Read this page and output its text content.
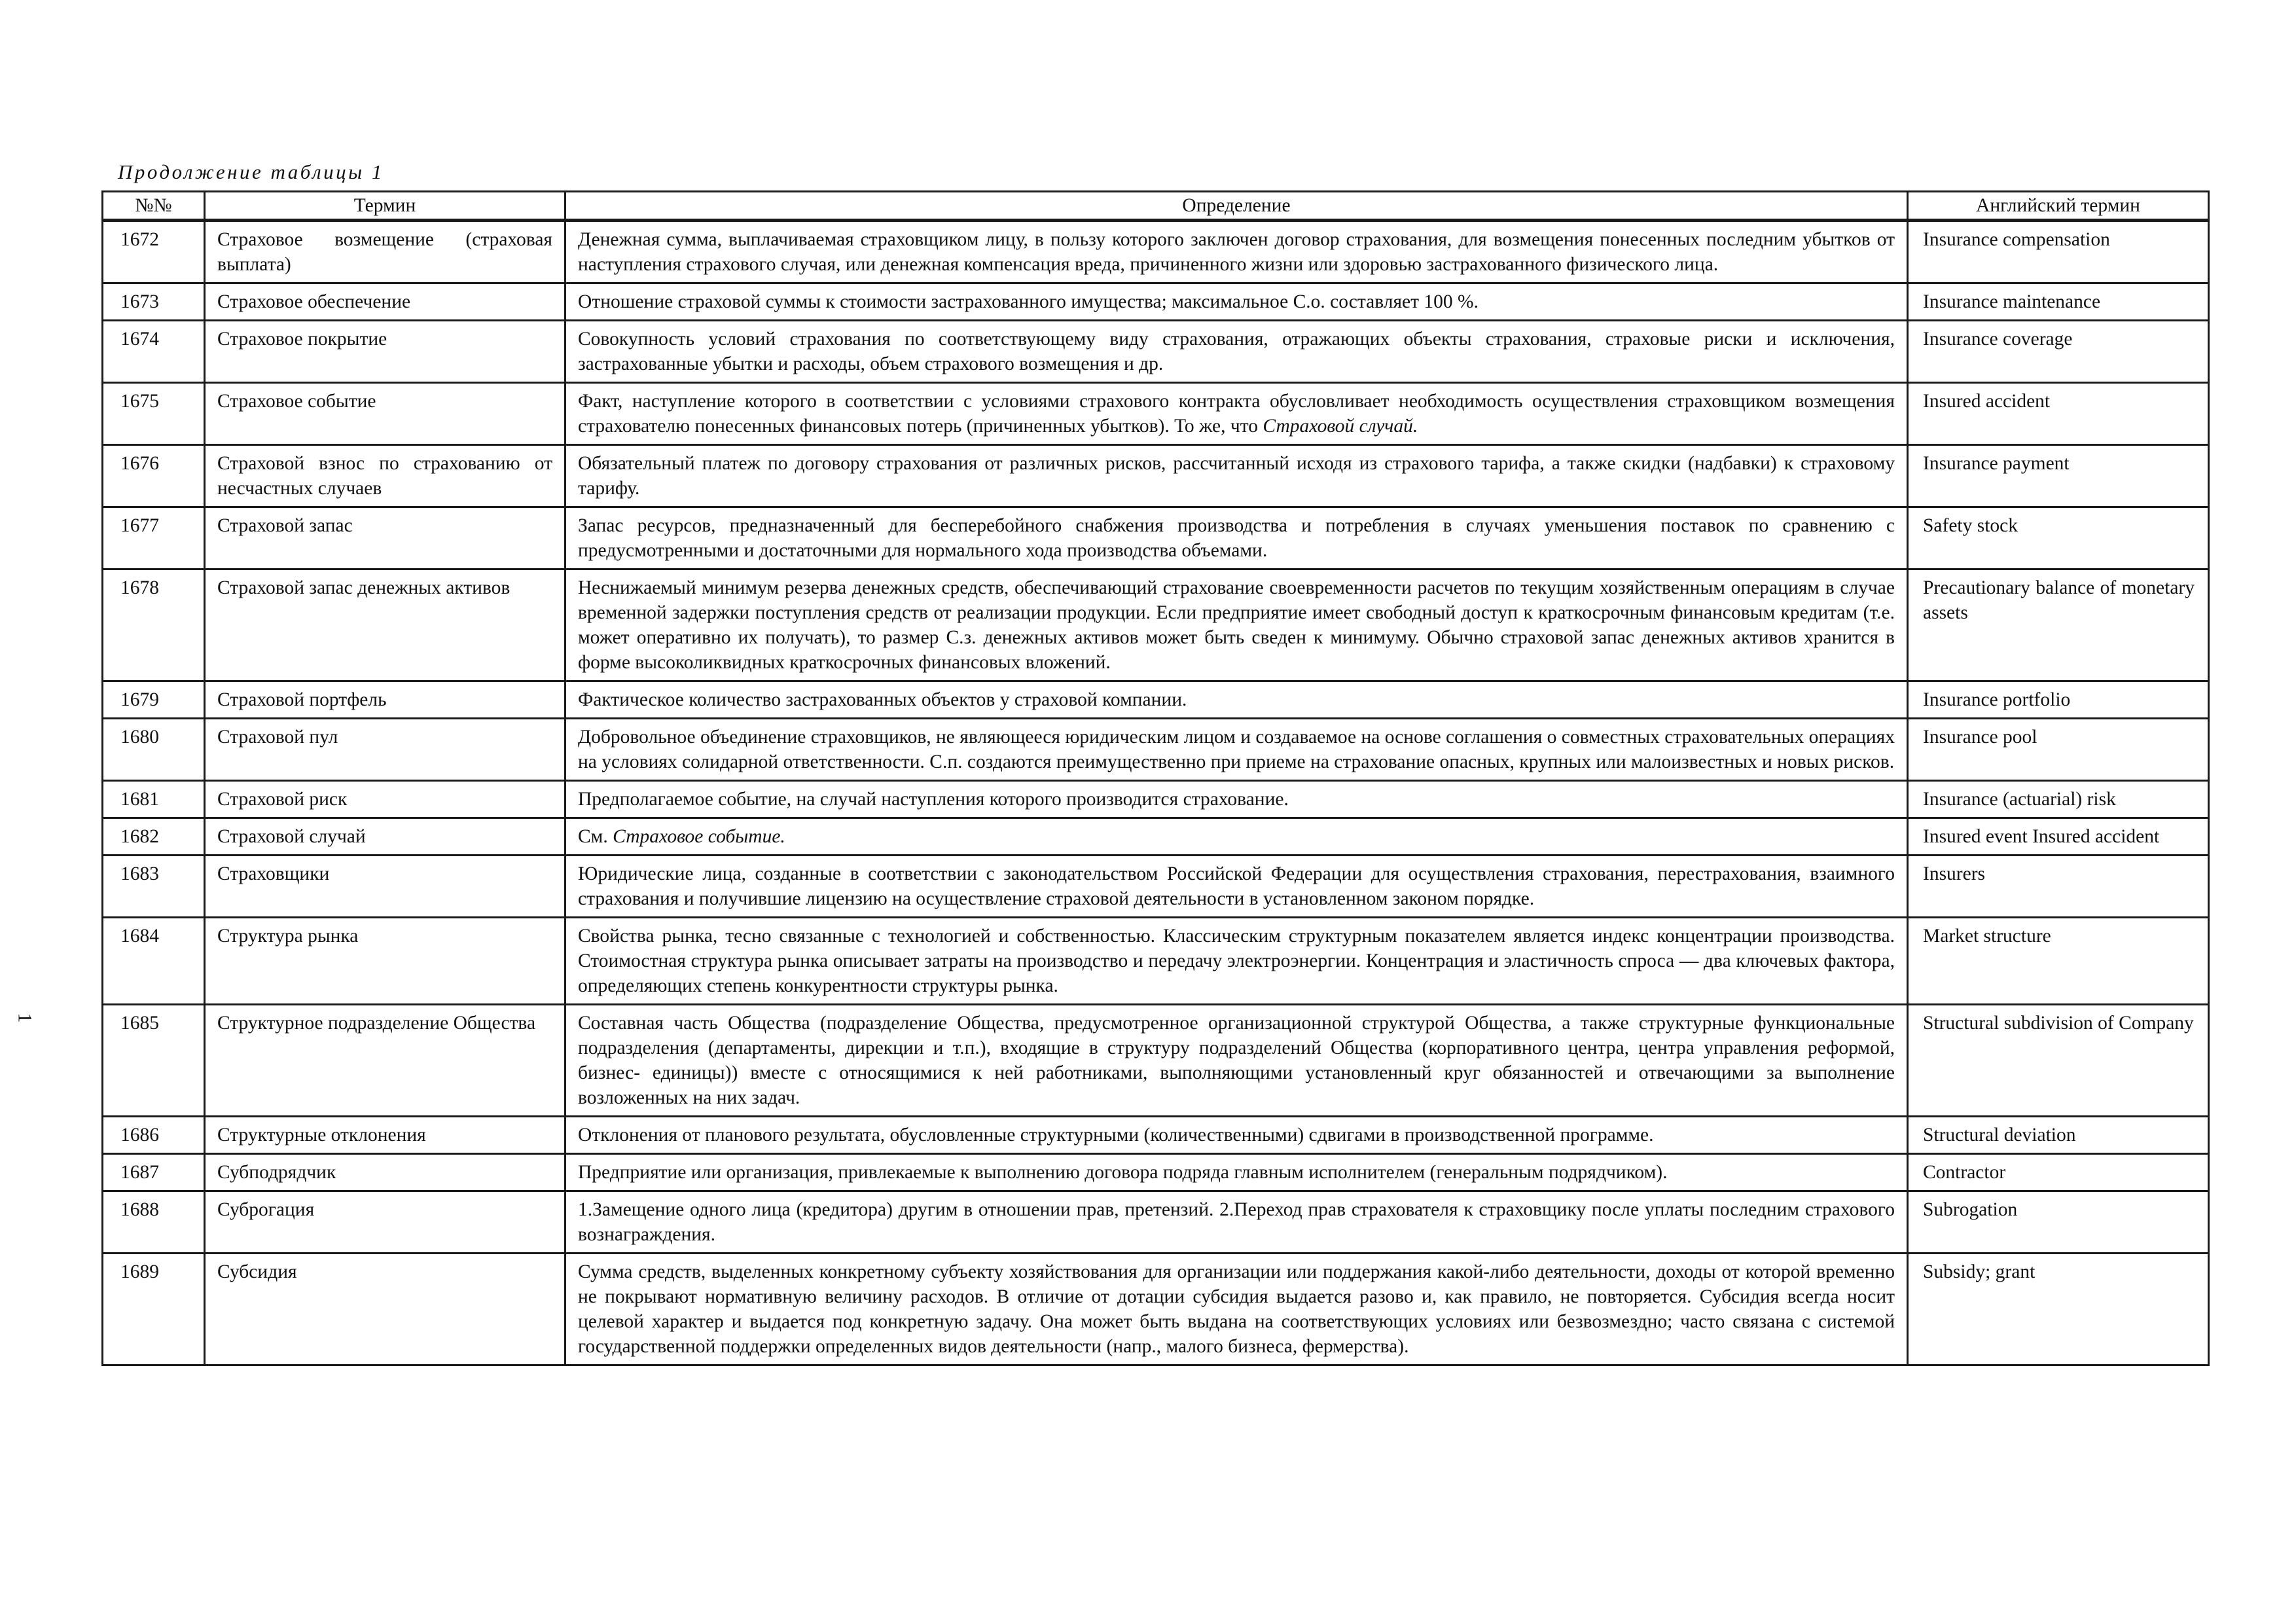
Продолжение таблицы 1
1
№№	Термин	Определение	Английский термин
1672	Страховое возмещение (страховая выплата)	Денежная сумма, выплачиваемая страховщиком лицу, в пользу которого заключен договор страхования, для возмещения понесенных последним убытков от наступления страхового случая, или денежная компенсация вреда, причиненного жизни или здоровью застрахованного физического лица.	Insurance compensation
1673	Страховое обеспечение	Отношение страховой суммы к стоимости застрахованного имущества; максимальное С.о. составляет 100 %.	Insurance maintenance
1674	Страховое покрытие	Совокупность условий страхования по соответствующему виду страхования, отражающих объекты страхования, страховые риски и исключения, застрахованные убытки и расходы, объем страхового возмещения и др.	Insurance coverage
1675	Страховое событие	Факт, наступление которого в соответствии с условиями страхового контракта обусловливает необходимость осуществления страховщиком возмещения страхователю понесенных финансовых потерь (причиненных убытков). То же, что Страховой случай.	Insured accident
1676	Страховой взнос по страхованию от несчастных случаев	Обязательный платеж по договору страхования от различных рисков, рассчитанный исходя из страхового тарифа, а также скидки (надбавки) к страховому тарифу.	Insurance payment
1677	Страховой запас	Запас ресурсов, предназначенный для бесперебойного снабжения производства и потребления в случаях уменьшения поставок по сравнению с предусмотренными и достаточными для нормального хода производства объемами.	Safety stock
1678	Страховой запас денежных активов	Неснижаемый минимум резерва денежных средств, обеспечивающий страхование своевременности расчетов по текущим хозяйственным операциям в случае временной задержки поступления средств от реализации продукции. Если предприятие имеет свободный доступ к краткосрочным финансовым кредитам (т.е. может оперативно их получать), то размер С.з. денежных активов может быть сведен к минимуму. Обычно страховой запас денежных активов хранится в форме высоколиквидных краткосрочных финансовых вложений.	Precautionary balance of monetary assets
1679	Страховой портфель	Фактическое количество застрахованных объектов у страховой компании.	Insurance portfolio
1680	Страховой пул	Добровольное объединение страховщиков, не являющееся юридическим лицом и создаваемое на основе соглашения о совместных страховательных операциях на условиях солидарной ответственности. С.п. создаются преимущественно при приеме на страхование опасных, крупных или малоизвестных и новых рисков.	Insurance pool
1681	Страховой риск	Предполагаемое событие, на случай наступления которого производится страхование.	Insurance (actuarial) risk
1682	Страховой случай	См. Страховое событие.	Insured event Insured accident
1683	Страховщики	Юридические лица, созданные в соответствии с законодательством Российской Федерации для осуществления страхования, перестрахования, взаимного страхования и получившие лицензию на осуществление страховой деятельности в установленном законом порядке.	Insurers
1684	Структура рынка	Свойства рынка, тесно связанные с технологией и собственностью. Классическим структурным показателем является индекс концентрации производства. Стоимостная структура рынка описывает затраты на производство и передачу электроэнергии. Концентрация и эластичность спроса — два ключевых фактора, определяющих степень конкурентности структуры рынка.	Market structure
1685	Структурное подразделение Общества	Составная часть Общества (подразделение Общества, предусмотренное организационной структурой Общества, а также структурные функциональные подразделения (департаменты, дирекции и т.п.), входящие в структуру подразделений Общества (корпоративного центра, центра управления реформой, бизнес- единицы)) вместе с относящимися к ней работниками, выполняющими установленный круг обязанностей и отвечающими за выполнение возложенных на них задач.	Structural subdivision of Company
1686	Структурные отклонения	Отклонения от планового результата, обусловленные структурными (количественными) сдвигами в производственной программе.	Structural deviation
1687	Субподрядчик	Предприятие или организация, привлекаемые к выполнению договора подряда главным исполнителем (генеральным подрядчиком).	Contractor
1688	Суброгация	1.Замещение одного лица (кредитора) другим в отношении прав, претензий. 2.Переход прав страхователя к страховщику после уплаты последним страхового вознаграждения.	Subrogation
1689	Субсидия	Сумма средств, выделенных конкретному субъекту хозяйствования для организации или поддержания какой-либо деятельности, доходы от которой временно не покрывают нормативную величину расходов. В отличие от дотации субсидия выдается разово и, как правило, не повторяется. Субсидия всегда носит целевой характер и выдается под конкретную задачу. Она может быть выдана на соответствующих условиях или безвозмездно; часто связана с системой государственной поддержки определенных видов деятельности (напр., малого бизнеса, фермерства).	Subsidy; grant
